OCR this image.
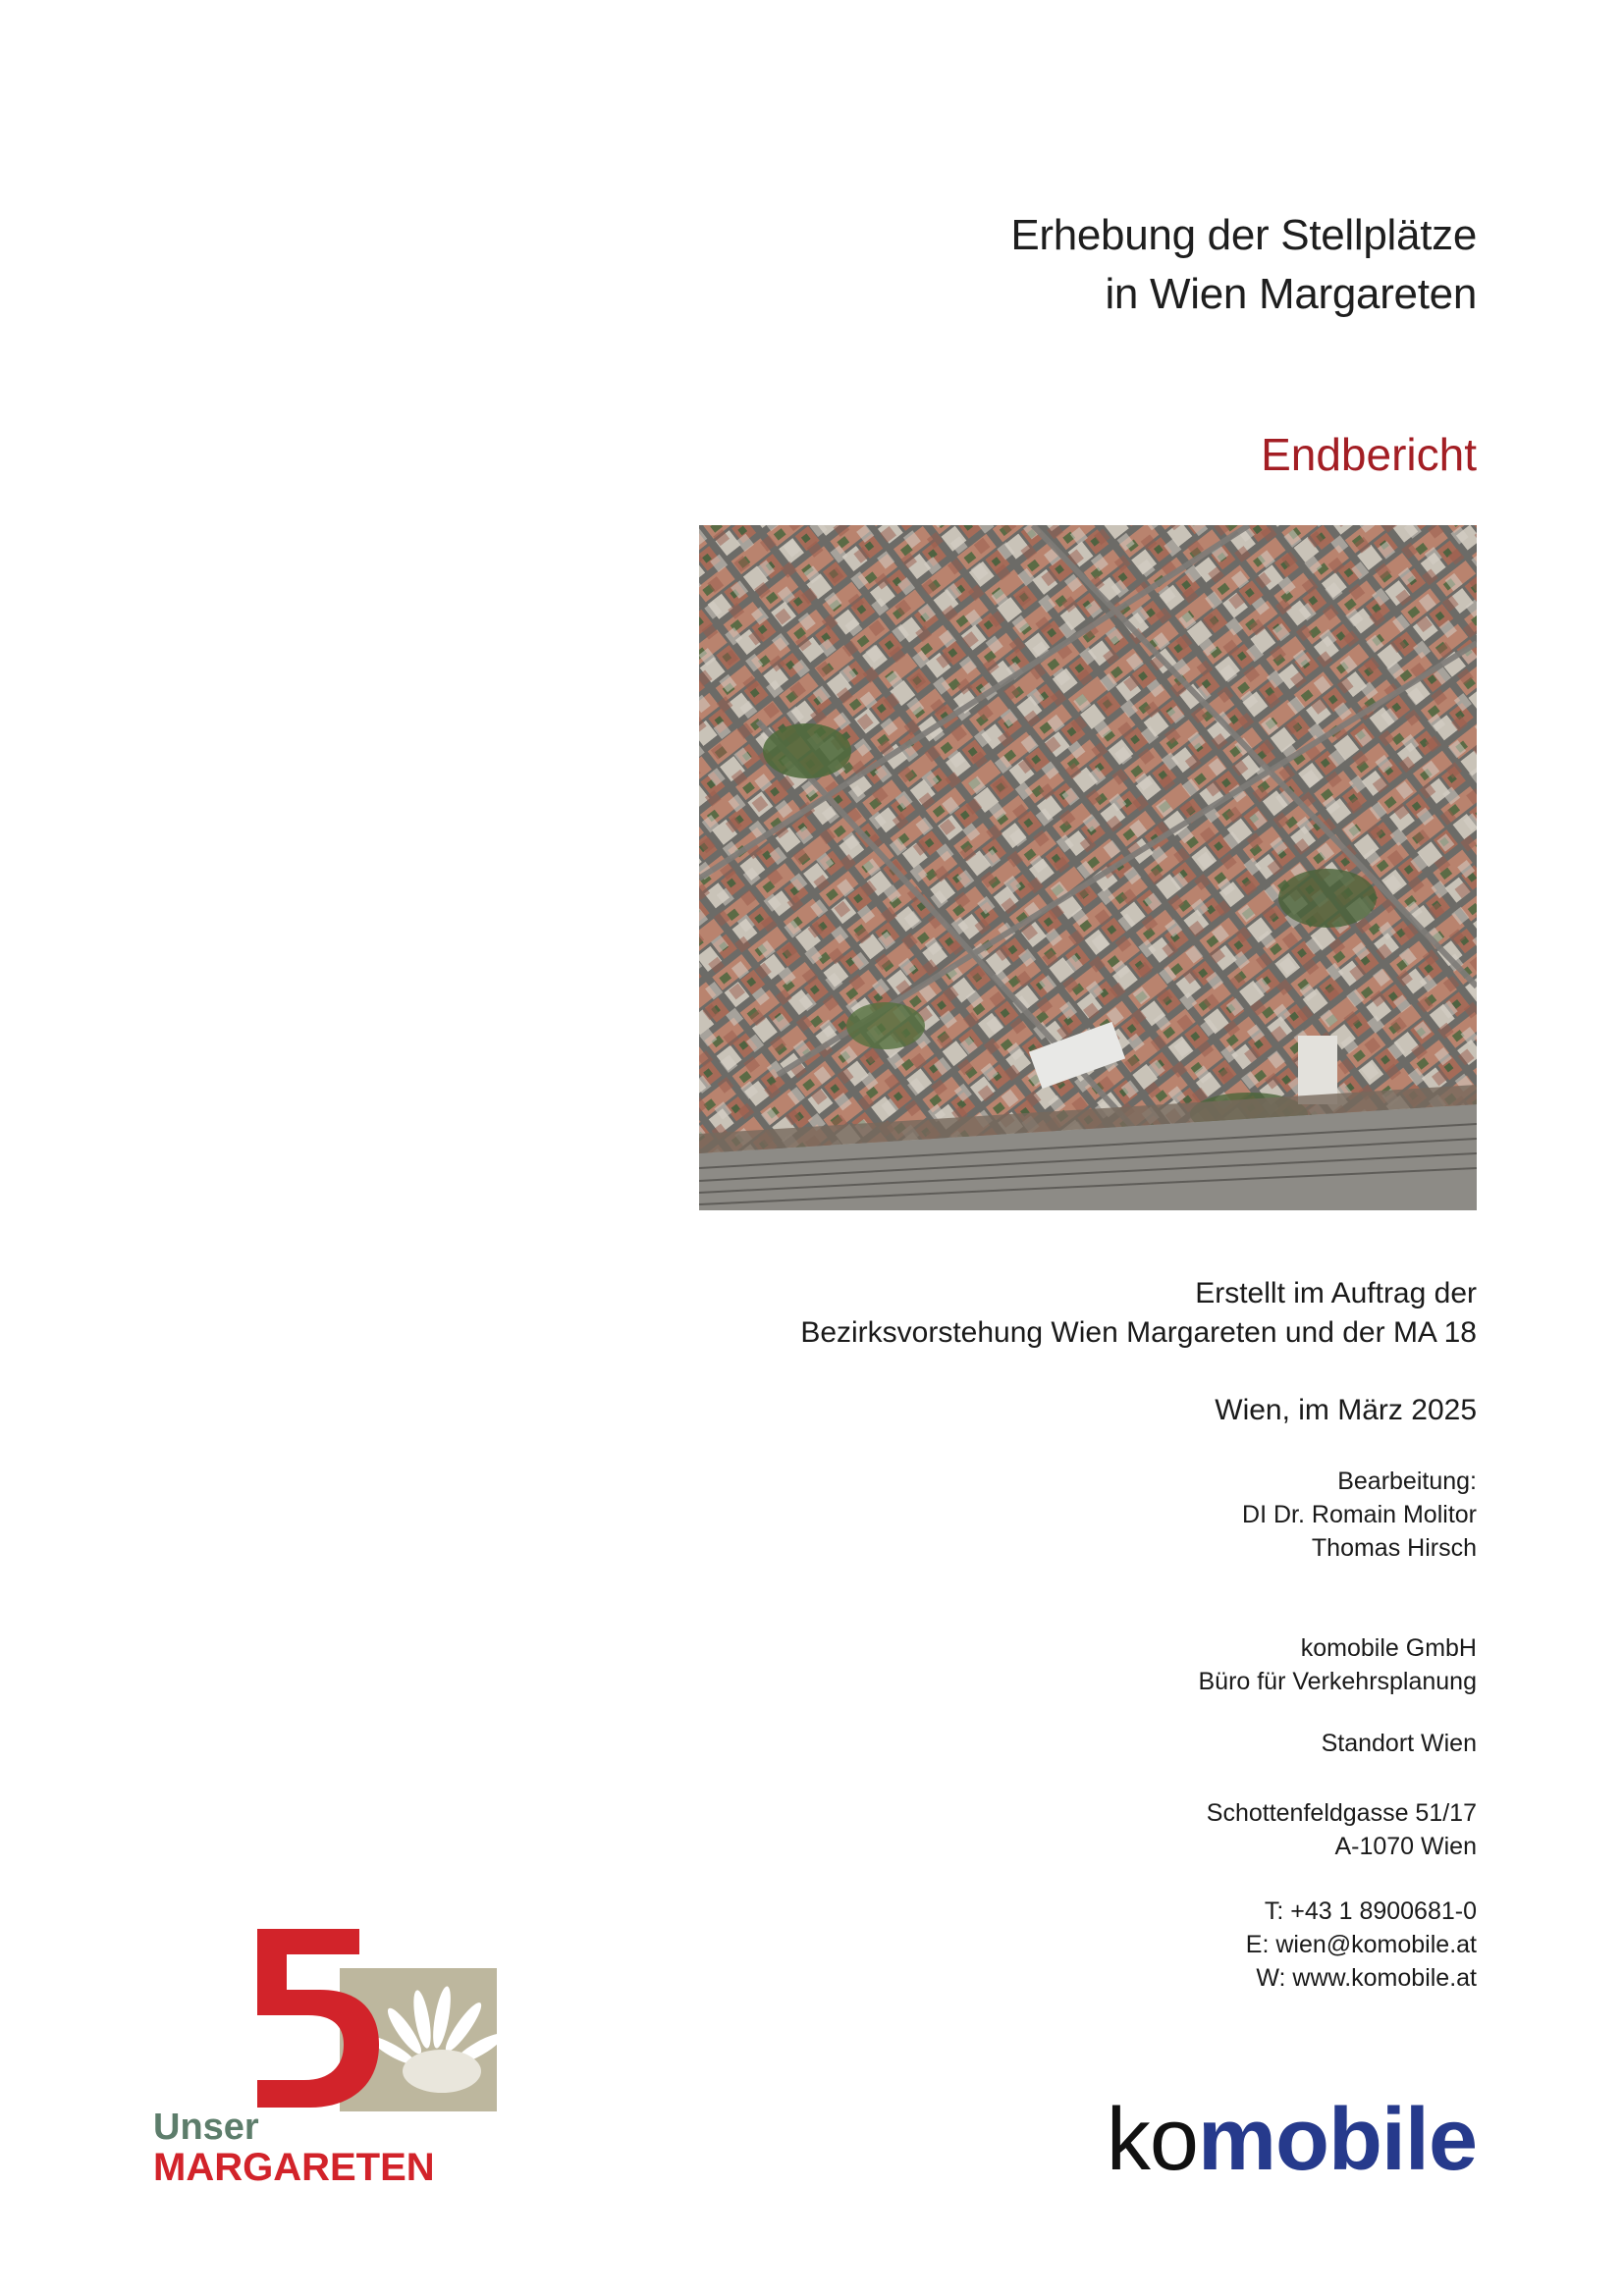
Erhebung der Stellplätze
in Wien Margareten
Endbericht
Erstellt im Auftrag der
Bezirksvorstehung Wien Margareten und der MA 18
Wien, im März 2025
Bearbeitung:
DI Dr. Romain Molitor
Thomas Hirsch
komobile GmbH
Büro für Verkehrsplanung
Standort Wien
Schottenfeldgasse 51/17
A-1070 Wien
T: +43 1 8900681-0
E: wien@komobile.at
W: www.komobile.at
Unser
MARGARETEN	komobile
